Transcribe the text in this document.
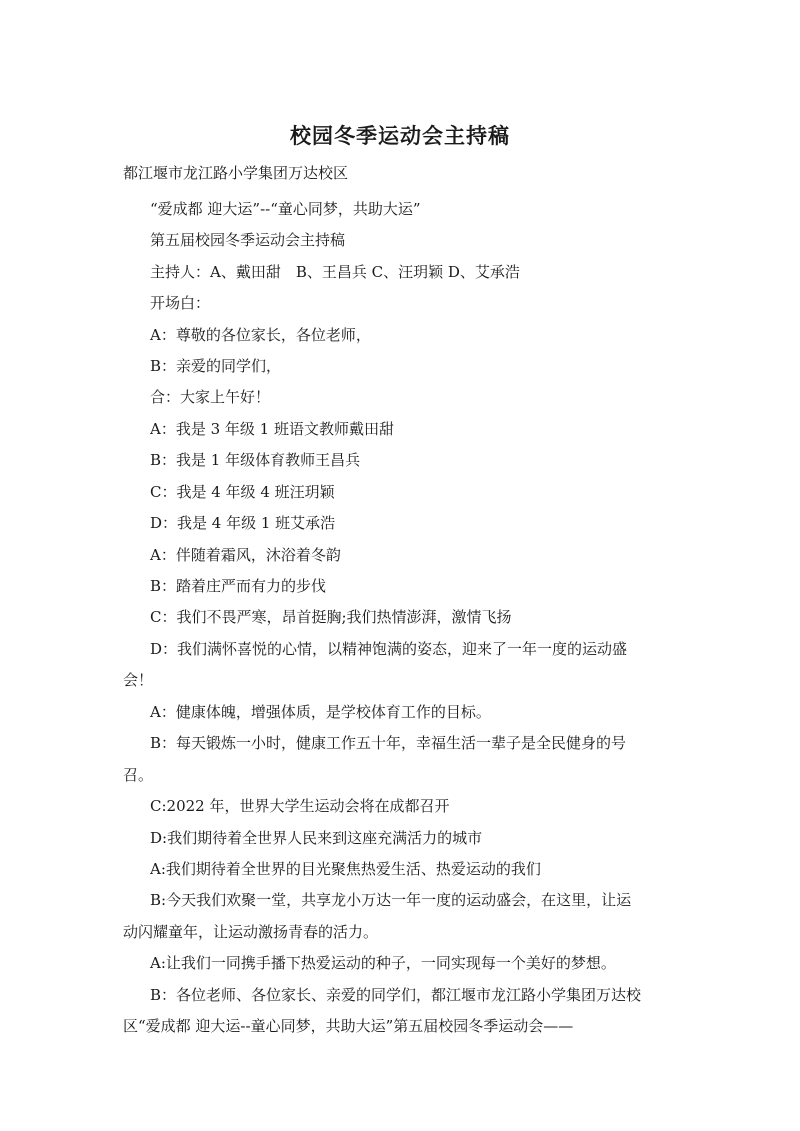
校园冬季运动会主持稿
都江堰市龙江路小学集团万达校区
“爱成都 迎大运”--“童心同梦，共助大运”
第五届校园冬季运动会主持稿
主持人：A、戴田甜　B、王昌兵 C、汪玥颖 D、艾承浩
开场白：
A：尊敬的各位家长，各位老师，
B：亲爱的同学们，
合：大家上午好！
A：我是 3 年级 1 班语文教师戴田甜
B：我是 1 年级体育教师王昌兵
C：我是 4 年级 4 班汪玥颖
D：我是 4 年级 1 班艾承浩
A：伴随着霜风，沐浴着冬韵
B：踏着庄严而有力的步伐
C：我们不畏严寒，昂首挺胸;我们热情澎湃，激情飞扬
D：我们满怀喜悦的心情，以精神饱满的姿态，迎来了一年一度的运动盛
会！
A：健康体魄，增强体质，是学校体育工作的目标。
B：每天锻炼一小时，健康工作五十年，幸福生活一辈子是全民健身的号
召。
C:2022 年，世界大学生运动会将在成都召开
D:我们期待着全世界人民来到这座充满活力的城市
A:我们期待着全世界的目光聚焦热爱生活、热爱运动的我们
B:今天我们欢聚一堂，共享龙小万达一年一度的运动盛会，在这里，让运
动闪耀童年，让运动激扬青春的活力。
A:让我们一同携手播下热爱运动的种子，一同实现每一个美好的梦想。
B：各位老师、各位家长、亲爱的同学们，都江堰市龙江路小学集团万达校
区“爱成都 迎大运--童心同梦，共助大运”第五届校园冬季运动会——
